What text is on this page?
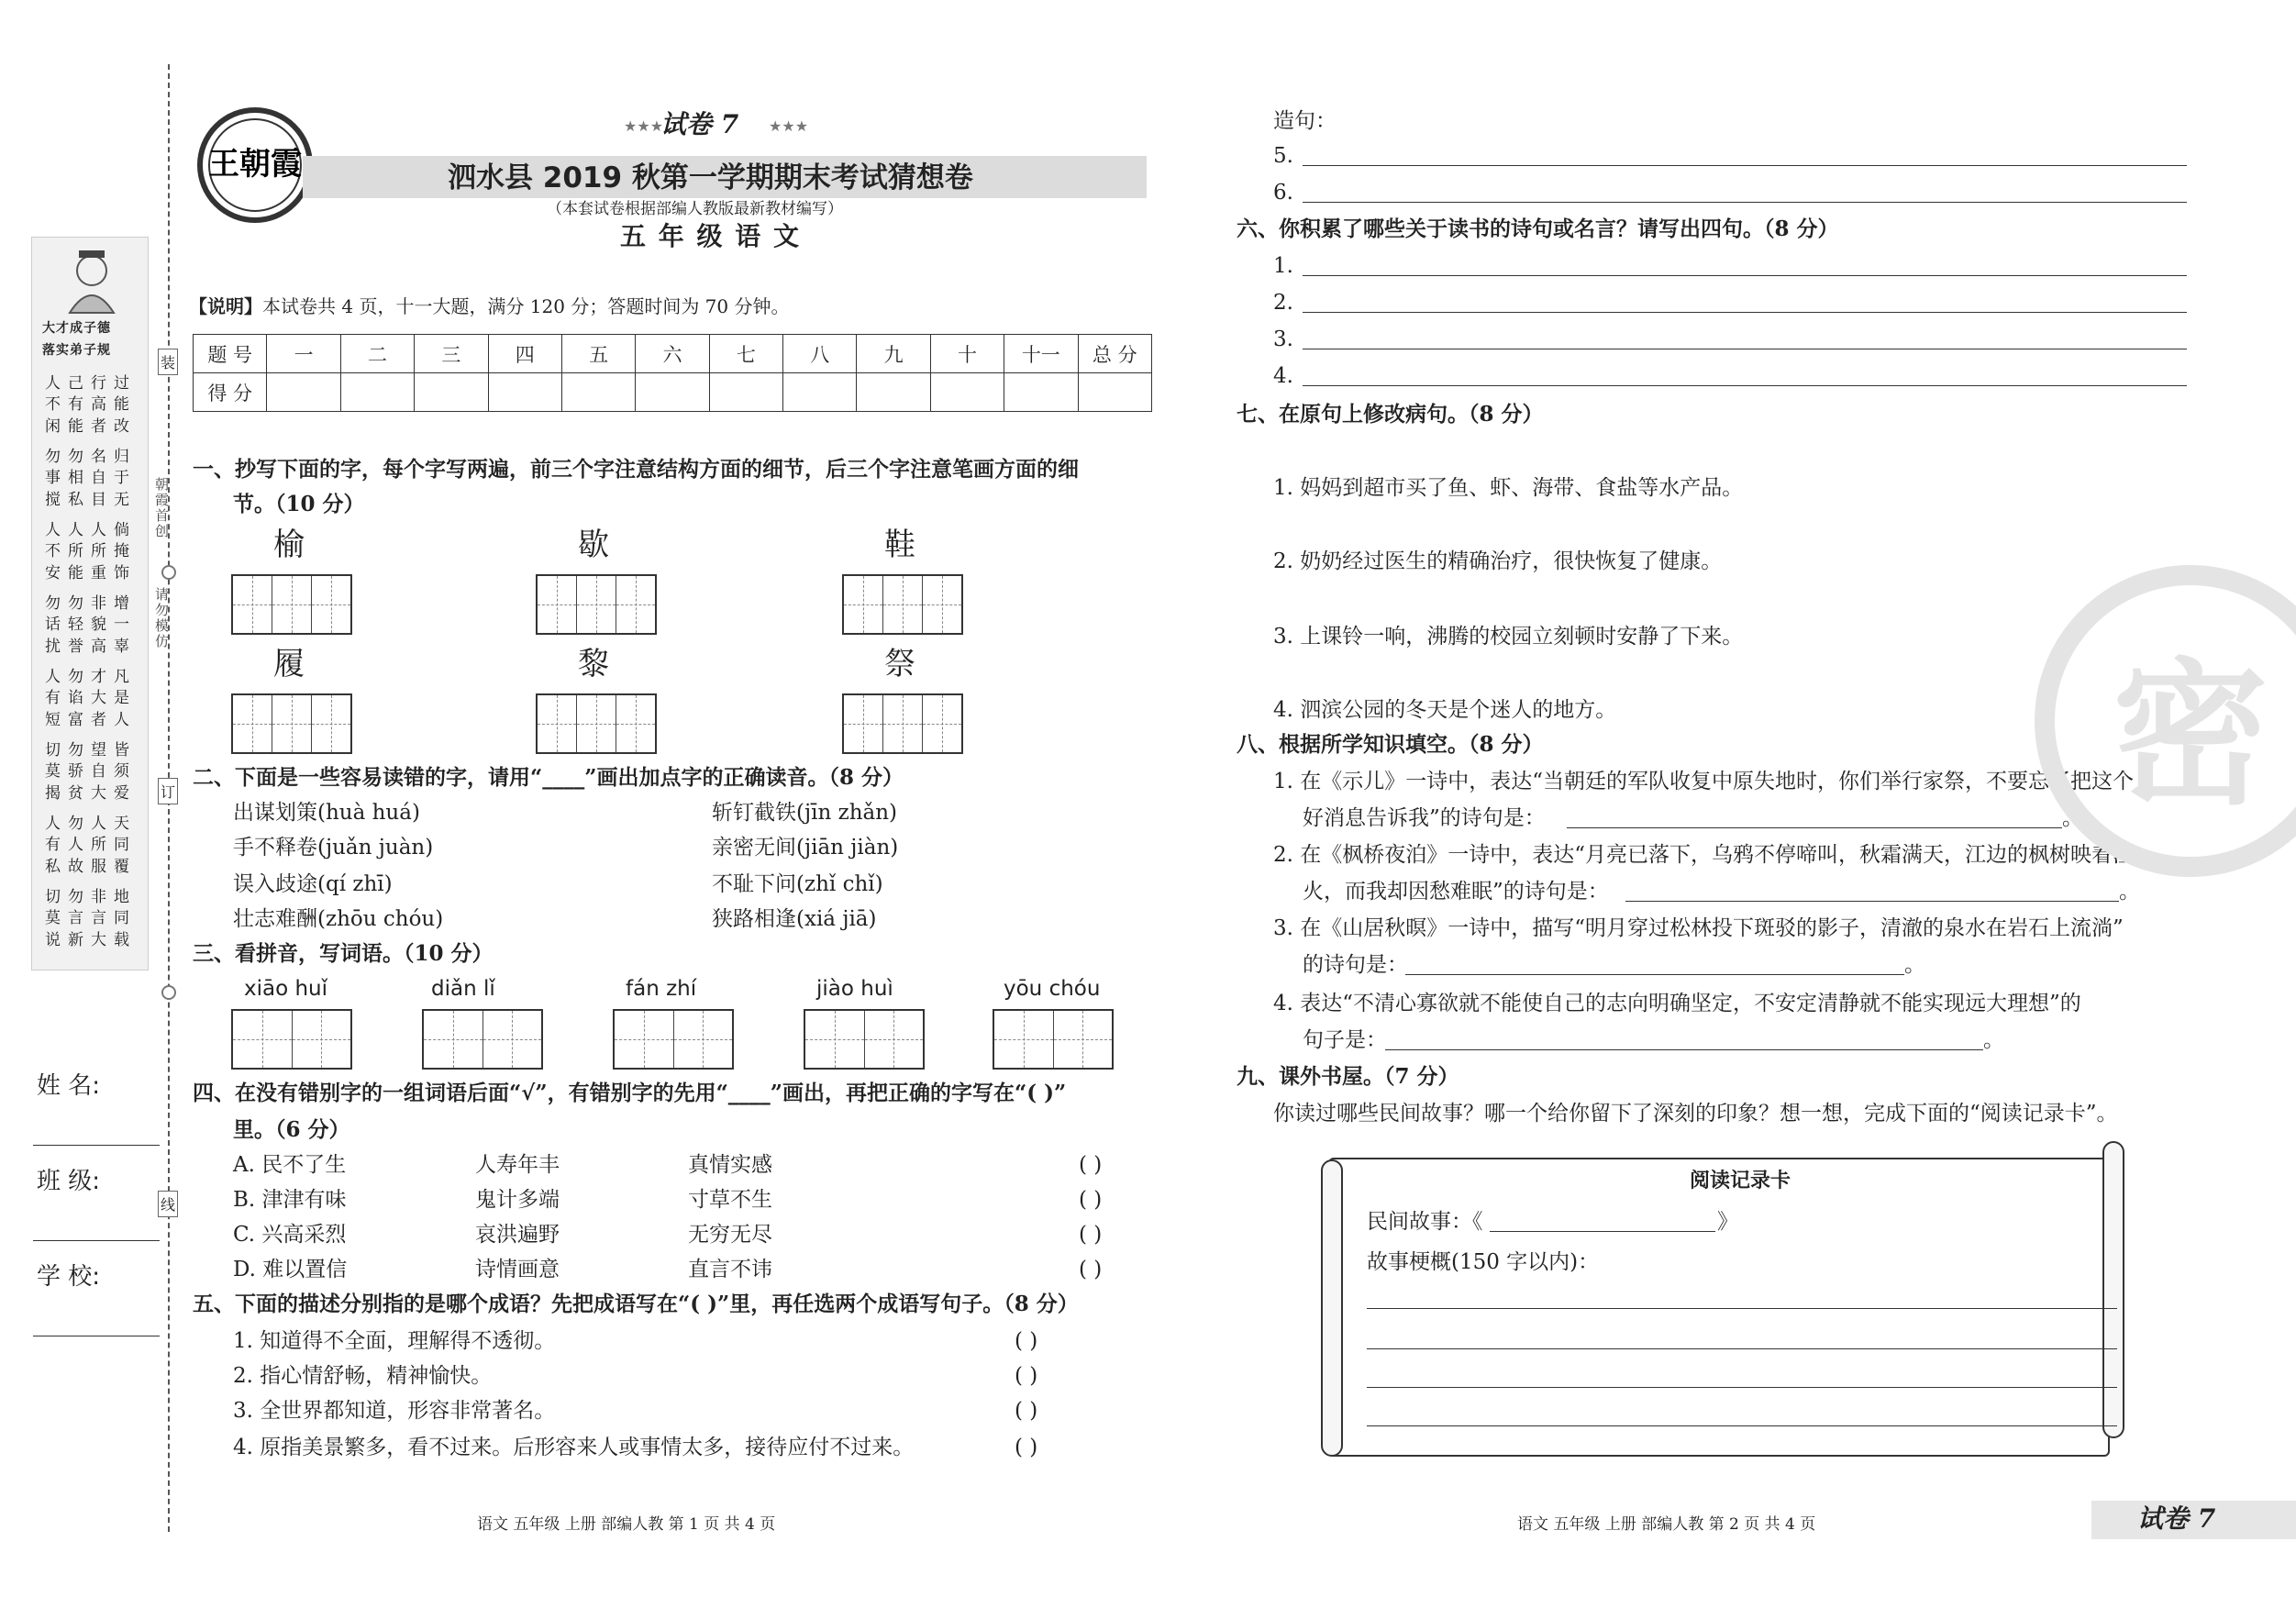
大才成子德
落实弟子规
人己行过
不有高能
闲能者改
勿勿名归
事相自于
搅私目无
人人人倘
不所所掩
安能重饰
勿勿非增
话轻貌一
扰誉高辜
人勿才凡
有谄大是
短富者人
切勿望皆
莫骄自须
揭贫大爱
人勿人天
有人所同
私故服覆
切勿非地
莫言言同
说新大载
朝霞首创
请勿模仿
装
订
线
姓 名:
班 级:
学 校:
王朝霞
试卷 7
★★★	★★★
泗水县 2019 秋第一学期期末考试猜想卷
（本套试卷根据部编人教版最新教材编写）
五 年 级 语 文
【说明】 本试卷共 4 页，十一大题，满分 120 分；答题时间为 70 分钟。
题 号	一	二	三	四	五	六	七	八	九	十	十一	总 分
得 分												
一、抄写下面的字，每个字写两遍，前三个字注意结构方面的细节，后三个字注意笔画方面的细
节。（10 分）
榆	歇	鞋
履	黎	祭
二、下面是一些容易读错的字，请用“____”画出加点字的正确读音。（8 分）
出谋划策(huà huá)	斩钉截铁(jīn zhǎn)
手不释卷(juǎn juàn)	亲密无间(jiān jiàn)
误入歧途(qí zhī)	不耻下问(zhǐ chǐ)
壮志难酬(zhōu chóu)	狭路相逢(xiá jiā)
三、看拼音，写词语。（10 分）
xiāo huǐ	diǎn lǐ	fán zhí	jiào huì	yōu chóu
四、在没有错别字的一组词语后面“√”，有错别字的先用“____”画出，再把正确的字写在“( )”
里。（6 分）
A. 民不了生	人寿年丰	真情实感	( )
B. 津津有味	鬼计多端	寸草不生	( )
C. 兴高采烈	哀洪遍野	无穷无尽	( )
D. 难以置信	诗情画意	直言不讳	( )
五、下面的描述分别指的是哪个成语？先把成语写在“( )”里，再任选两个成语写句子。（8 分）
1. 知道得不全面，理解得不透彻。	( )
2. 指心情舒畅，精神愉快。	( )
3. 全世界都知道，形容非常著名。	( )
4. 原指美景繁多，看不过来。后形容来人或事情太多，接待应付不过来。	( )
语文 五年级 上册 部编人教 第 1 页 共 4 页
造句：
5.
6.
六、你积累了哪些关于读书的诗句或名言？请写出四句。（8 分）
1.
2.
3.
4.
七、在原句上修改病句。（8 分）
1. 妈妈到超市买了鱼、虾、海带、食盐等水产品。
2. 奶奶经过医生的精确治疗，很快恢复了健康。
3. 上课铃一响，沸腾的校园立刻顿时安静了下来。
4. 泗滨公园的冬天是个迷人的地方。
八、根据所学知识填空。（8 分）
1. 在《示儿》一诗中，表达“当朝廷的军队收复中原失地时，你们举行家祭，不要忘了把这个
好消息告诉我”的诗句是：	。
2. 在《枫桥夜泊》一诗中，表达“月亮已落下，乌鸦不停啼叫，秋霜满天，江边的枫树映着渔
火，而我却因愁难眠”的诗句是：	。
3. 在《山居秋暝》一诗中，描写“明月穿过松林投下斑驳的影子，清澈的泉水在岩石上流淌”
的诗句是：	。
4. 表达“不清心寡欲就不能使自己的志向明确坚定，不安定清静就不能实现远大理想”的
句子是：	。
九、课外书屋。（7 分）
你读过哪些民间故事？哪一个给你留下了深刻的印象？想一想，完成下面的“阅读记录卡”。
阅读记录卡
民间故事：《	》
故事梗概(150 字以内)：
密
语文 五年级 上册 部编人教 第 2 页 共 4 页	试卷 7
